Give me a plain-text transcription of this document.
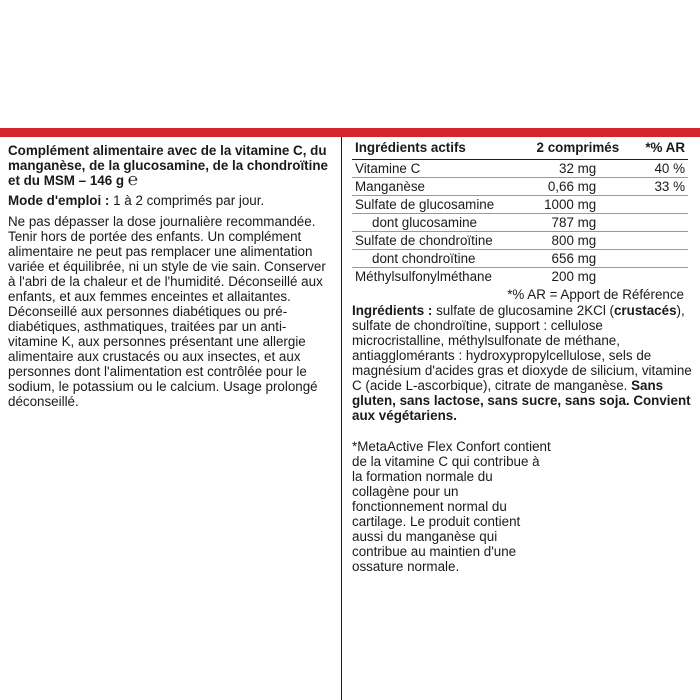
Complément alimentaire avec de la vitamine C, du manganèse, de la glucosamine, de la chondroïtine et du MSM – 146 g ℮

Mode d'emploi : 1 à 2 comprimés par jour.

Ne pas dépasser la dose journalière recommandée. Tenir hors de portée des enfants. Un complément alimentaire ne peut pas remplacer une alimentation variée et équilibrée, ni un style de vie sain. Conserver à l'abri de la chaleur et de l'humidité. Déconseillé aux enfants, et aux femmes enceintes et allaitantes. Déconseillé aux personnes diabétiques ou pré-diabétiques, asthmatiques, traitées par un anti-vitamine K, aux personnes présentant une allergie alimentaire aux crustacés ou aux insectes, et aux personnes dont l'alimentation est contrôlée pour le sodium, le potassium ou le calcium. Usage prolongé déconseillé.

Ingrédients actifs	2 comprimés	*% AR
Vitamine C	32 mg	40 %
Manganèse	0,66 mg	33 %
Sulfate de glucosamine	1000 mg	
dont glucosamine	787 mg	
Sulfate de chondroïtine	800 mg	
dont chondroïtine	656 mg	
Méthylsulfonylméthane	200 mg	
*% AR = Apport de Référence
Ingrédients : sulfate de glucosamine 2KCl (crustacés), sulfate de chondroïtine, support : cellulose microcristalline, méthylsulfonate de méthane, antiagglomérants : hydroxypropylcellulose, sels de magnésium d'acides gras et dioxyde de silicium, vitamine C (acide L-ascorbique), citrate de manganèse. Sans gluten, sans lactose, sans sucre, sans soja. Convient aux végétariens.
*MetaActive Flex Confort contient de la vitamine C qui contribue à la formation normale du collagène pour un fonctionnement normal du cartilage. Le produit contient aussi du manganèse qui contribue au maintien d'une ossature normale.
